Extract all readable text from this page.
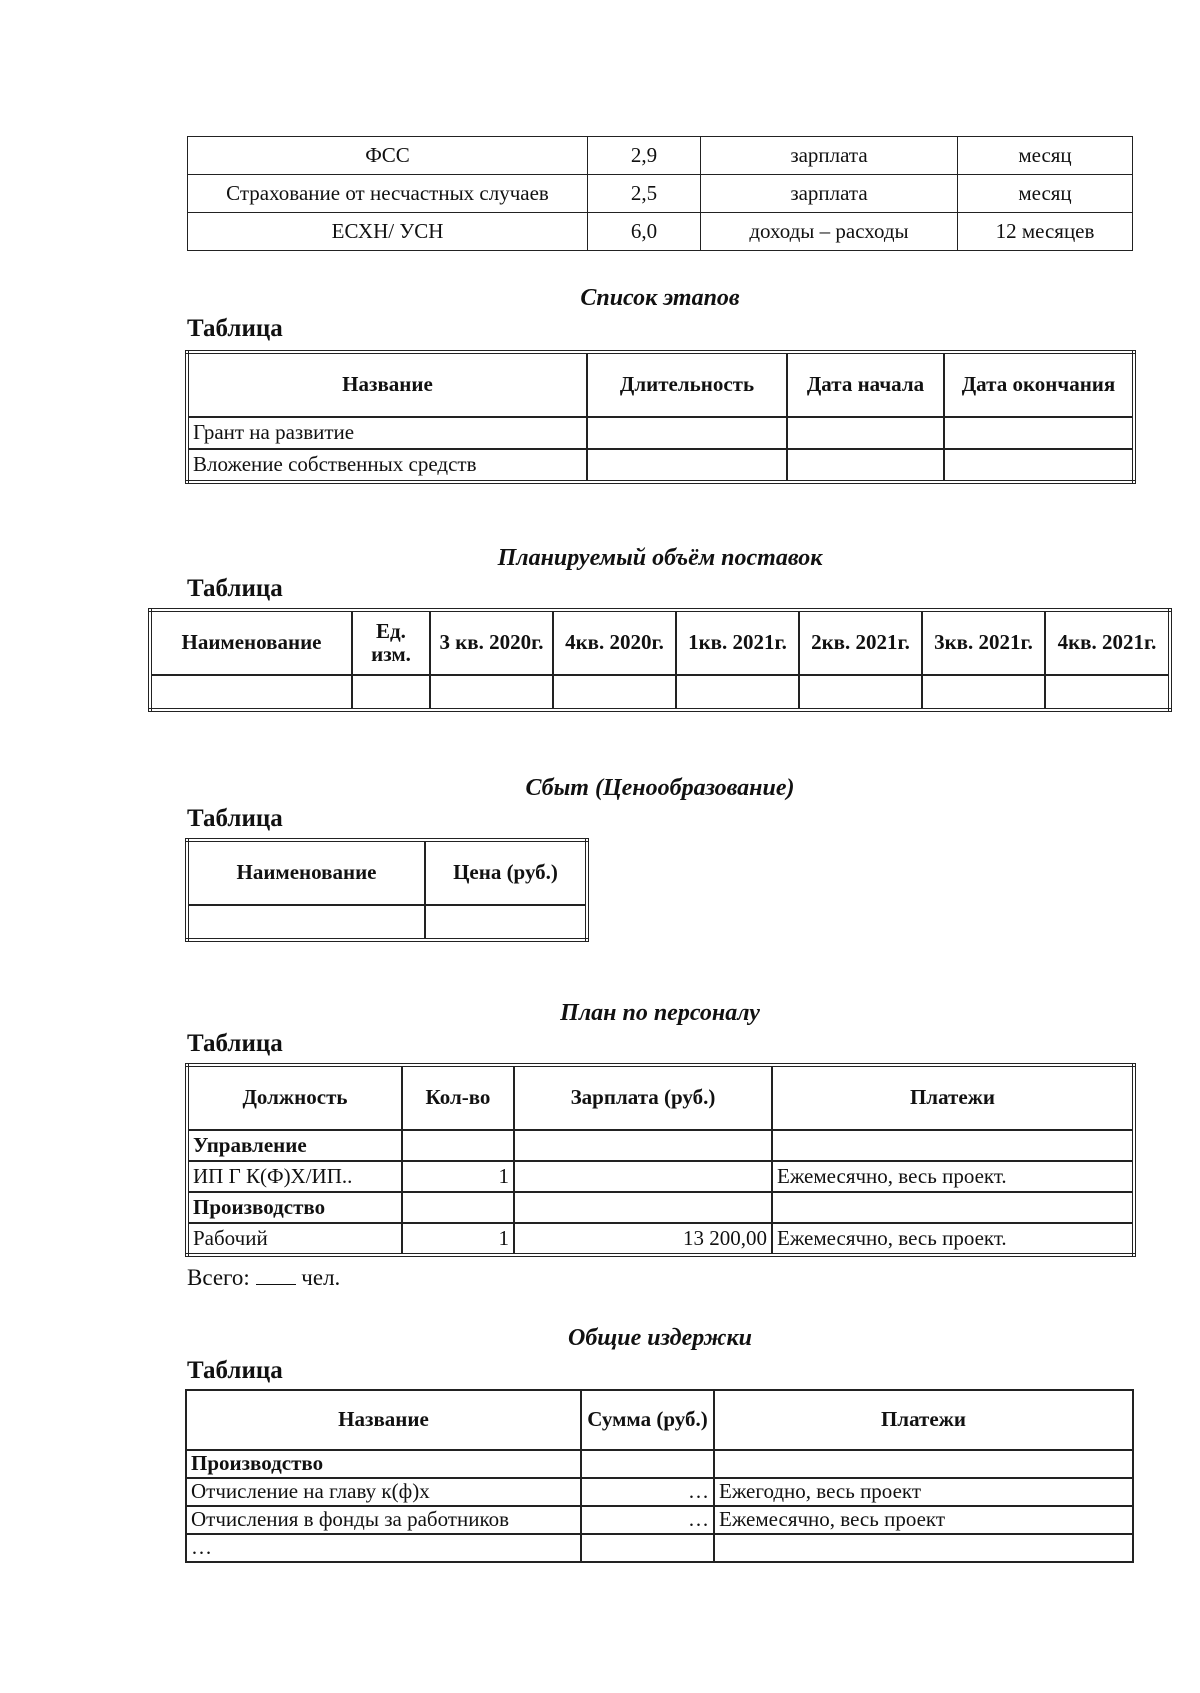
ФСС	2,9	зарплата	месяц
Страхование от несчастных случаев	2,5	зарплата	месяц
ЕСХН/ УСН	6,0	доходы – расходы	12 месяцев
Список этапов
Таблица
Название	Длительность	Дата начала	Дата окончания
Грант на развитие			
Вложение собственных средств			
Планируемый объём поставок
Таблица
Наименование	Ед. изм.	3 кв. 2020г.	4кв. 2020г.	1кв. 2021г.	2кв. 2021г.	3кв. 2021г.	4кв. 2021г.

Сбыт (Ценообразование)
Таблица
Наименование	Цена (руб.)

План по персоналу
Таблица
Должность	Кол-во	Зарплата (руб.)	Платежи
Управление			
ИП Г К(Ф)Х/ИП..	1		Ежемесячно, весь проект.
Производство			
Рабочий	1	13 200,00	Ежемесячно, весь проект.
Всего: чел.
Общие издержки
Таблица
Название	Сумма (руб.)	Платежи
Производство		
Отчисление на главу к(ф)х	…	Ежегодно, весь проект
Отчисления в фонды за работников	…	Ежемесячно, весь проект
…		
